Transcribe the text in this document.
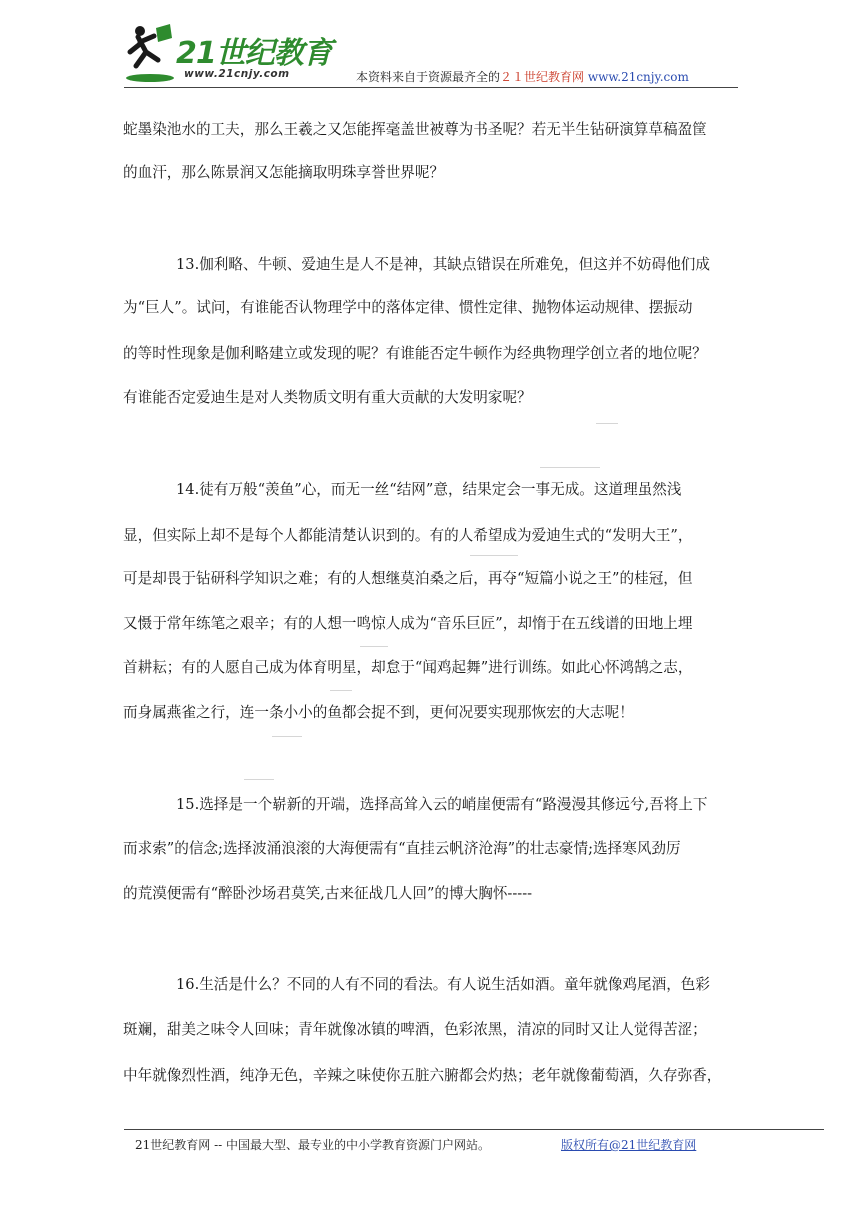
21世纪教育
www.21cnjy.com	本资料来自于资源最齐全的２１世纪教育网 www.21cnjy.com
蛇墨染池水的工夫，那么王羲之又怎能挥毫盖世被尊为书圣呢？若无半生钻研演算草稿盈筐
的血汗，那么陈景润又怎能摘取明珠享誉世界呢？
13.伽利略、牛顿、爱迪生是人不是神，其缺点错误在所难免，但这并不妨碍他们成
为“巨人”。试问，有谁能否认物理学中的落体定律、惯性定律、抛物体运动规律、摆振动
的等时性现象是伽利略建立或发现的呢？有谁能否定牛顿作为经典物理学创立者的地位呢？
有谁能否定爱迪生是对人类物质文明有重大贡献的大发明家呢？
14.徒有万般“羡鱼”心，而无一丝“结网”意，结果定会一事无成。这道理虽然浅
显，但实际上却不是每个人都能清楚认识到的。有的人希望成为爱迪生式的“发明大王”，
可是却畏于钻研科学知识之难；有的人想继莫泊桑之后，再夺“短篇小说之王”的桂冠，但
又慑于常年练笔之艰辛；有的人想一鸣惊人成为“音乐巨匠”，却惰于在五线谱的田地上埋
首耕耘；有的人愿自己成为体育明星，却怠于“闻鸡起舞”进行训练。如此心怀鸿鹄之志，
而身属燕雀之行，连一条小小的鱼都会捉不到，更何况要实现那恢宏的大志呢！
15.选择是一个崭新的开端，选择高耸入云的峭崖便需有“路漫漫其修远兮,吾将上下
而求索”的信念;选择波涌浪滚的大海便需有“直挂云帆济沧海”的壮志豪情;选择寒风劲厉
的荒漠便需有“醉卧沙场君莫笑,古来征战几人回”的博大胸怀-----
16.生活是什么？不同的人有不同的看法。有人说生活如酒。童年就像鸡尾酒，色彩
斑斓，甜美之味令人回味；青年就像冰镇的啤酒，色彩浓黑，清凉的同时又让人觉得苦涩；
中年就像烈性酒，纯净无色，辛辣之味使你五脏六腑都会灼热；老年就像葡萄酒，久存弥香，
21世纪教育网 -- 中国最大型、最专业的中小学教育资源门户网站。	版权所有@21世纪教育网
